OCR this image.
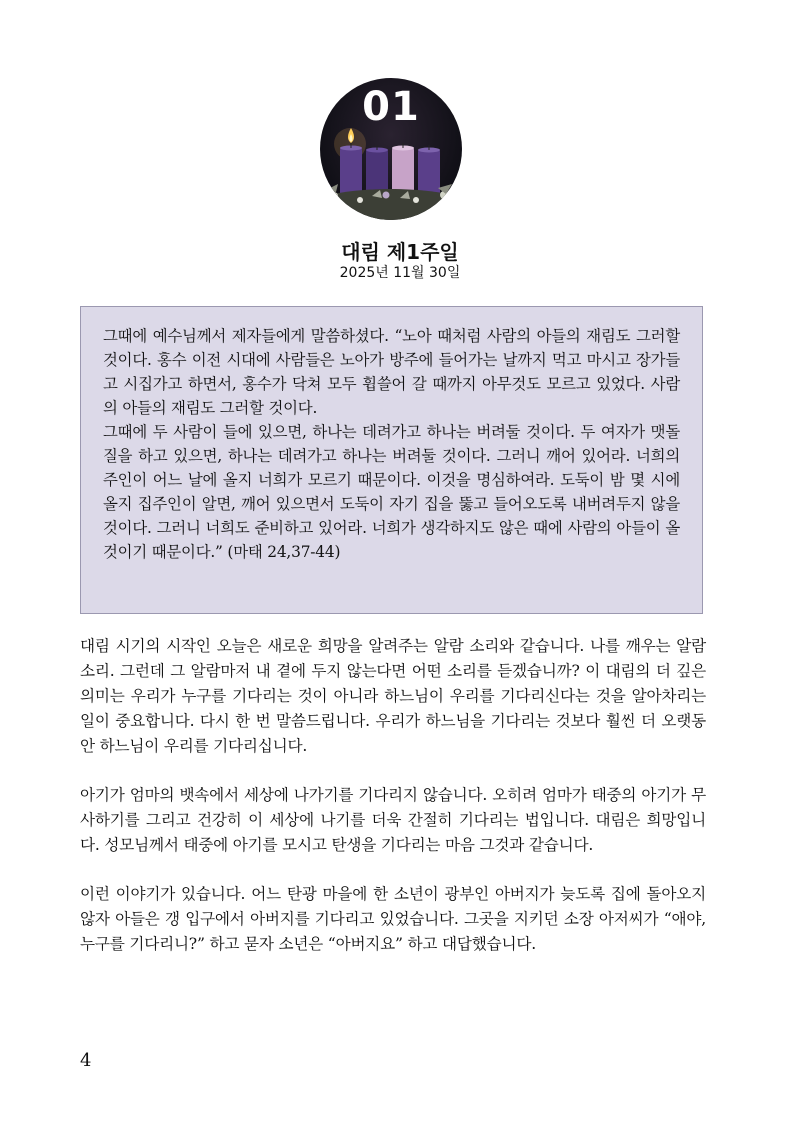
01
대림 제1주일
2025년 11월 30일

그때에 예수님께서 제자들에게 말씀하셨다. “노아 때처럼 사람의 아들의 재림도 그러할 것이다. 홍수 이전 시대에 사람들은 노아가 방주에 들어가는 날까지 먹고 마시고 장가들고 시집가고 하면서, 홍수가 닥쳐 모두 휩쓸어 갈 때까지 아무것도 모르고 있었다. 사람의 아들의 재림도 그러할 것이다.

그때에 두 사람이 들에 있으면, 하나는 데려가고 하나는 버려둘 것이다. 두 여자가 맷돌질을 하고 있으면, 하나는 데려가고 하나는 버려둘 것이다. 그러니 깨어 있어라. 너희의 주인이 어느 날에 올지 너희가 모르기 때문이다. 이것을 명심하여라. 도둑이 밤 몇 시에 올지 집주인이 알면, 깨어 있으면서 도둑이 자기 집을 뚫고 들어오도록 내버려두지 않을 것이다. 그러니 너희도 준비하고 있어라. 너희가 생각하지도 않은 때에 사람의 아들이 올 것이기 때문이다.” (마태 24,37-44)

대림 시기의 시작인 오늘은 새로운 희망을 알려주는 알람 소리와 같습니다. 나를 깨우는 알람 소리. 그런데 그 알람마저 내 곁에 두지 않는다면 어떤 소리를 듣겠습니까? 이 대림의 더 깊은 의미는 우리가 누구를 기다리는 것이 아니라 하느님이 우리를 기다리신다는 것을 알아차리는 일이 중요합니다. 다시 한 번 말씀드립니다. 우리가 하느님을 기다리는 것보다 훨씬 더 오랫동안 하느님이 우리를 기다리십니다.

아기가 엄마의 뱃속에서 세상에 나가기를 기다리지 않습니다. 오히려 엄마가 태중의 아기가 무사하기를 그리고 건강히 이 세상에 나기를 더욱 간절히 기다리는 법입니다. 대림은 희망입니다. 성모님께서 태중에 아기를 모시고 탄생을 기다리는 마음 그것과 같습니다.

이런 이야기가 있습니다. 어느 탄광 마을에 한 소년이 광부인 아버지가 늦도록 집에 돌아오지 않자 아들은 갱 입구에서 아버지를 기다리고 있었습니다. 그곳을 지키던 소장 아저씨가 “애야, 누구를 기다리니?” 하고 묻자 소년은 “아버지요” 하고 대답했습니다.

4
